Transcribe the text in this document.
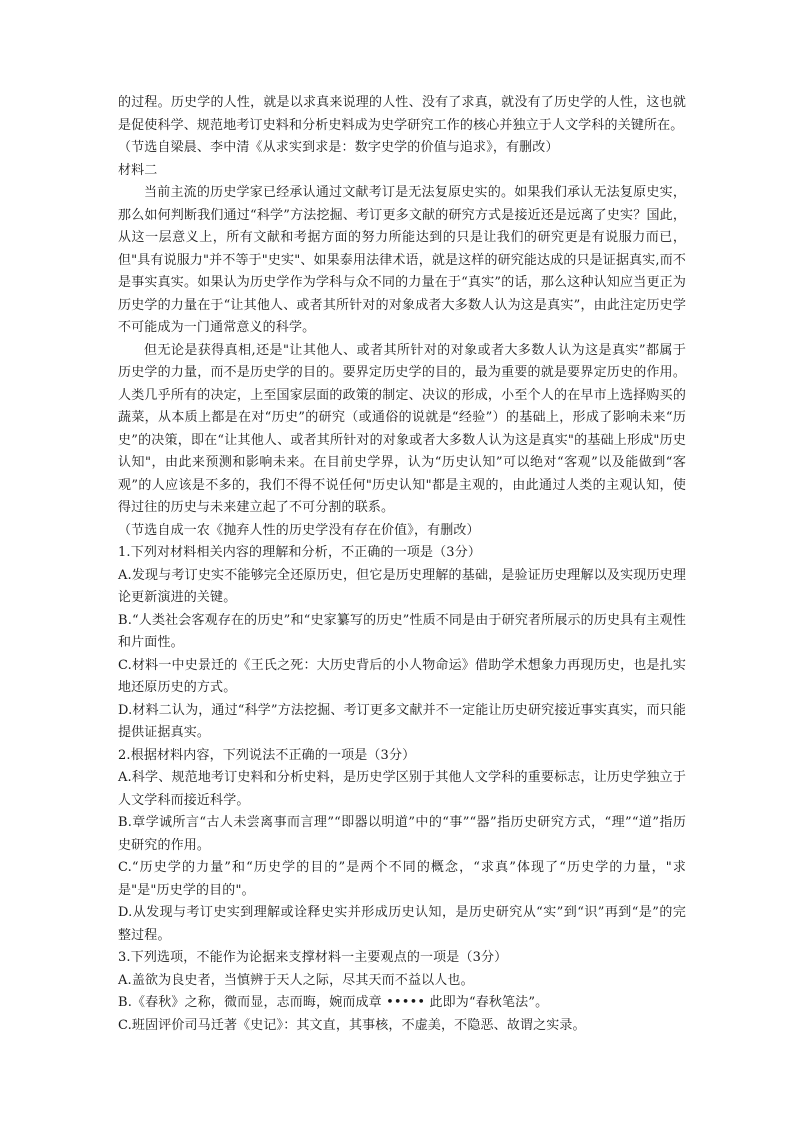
的过程。历史学的人性，就是以求真来说理的人性、没有了求真，就没有了历史学的人性，这也就是促使科学、规范地考订史料和分析史料成为史学研究工作的核心并独立于人文学科的关键所在。

（节选自梁晨、李中清《从求实到求是：数字史学的价值与追求》，有删改）

材料二

当前主流的历史学家已经承认通过文献考订是无法复原史实的。如果我们承认无法复原史实，那么如何判断我们通过“科学”方法挖掘、考订更多文献的研究方式是接近还是远离了史实？国此，从这一层意义上，所有文献和考据方面的努力所能达到的只是让我们的研究更是有说服力而已，但"具有说服力"并不等于"史实"、如果泰用法律术语，就是这样的研究能达成的只是证据真实,而不是事实真实。如果认为历史学作为学科与众不同的力量在于“真实”的话，那么这种认知应当更正为历史学的力量在于“让其他人、或者其所针对的对象成者大多数人认为这是真实”，由此注定历史学不可能成为一门通常意义的科学。

但无论是获得真相,还是"让其他人、或者其所针对的对象或者大多数人认为这是真实”都属于历史学的力量，而不是历史学的目的。要界定历史学的目的，最为重要的就是要界定历史的作用。人类几乎所有的决定，上至国家层面的政策的制定、决议的形成，小至个人的在早市上选择购买的蔬菜，从本质上都是在对“历史”的研究（或通俗的说就是“经验”）的基础上，形成了影响未来“历史”的决策，即在“让其他人、或者其所针对的对象或者大多数人认为这是真实"的基础上形成"历史认知"，由此来预测和影响未来。在目前史学界，认为“历史认知”可以绝对“客观”以及能做到“客观”的人应该是不多的，我们不得不说任何"历史认知"都是主观的，由此通过人类的主观认知，使得过往的历史与未来建立起了不可分割的联系。

（节选自成一农《抛弃人性的历史学没有存在价值》，有删改）

1.下列对材料相关内容的理解和分析，不正确的一项是（3分）

A.发现与考订史实不能够完全还原历史，但它是历史理解的基础，是验证历史理解以及实现历史理论更新演进的关键。

B.“人类社会客观存在的历史”和“史家纂写的历史”性质不同是由于研究者所展示的历史具有主观性和片面性。

C.材料一中史景迁的《王氏之死：大历史背后的小人物命运》借助学术想象力再现历史，也是扎实地还原历史的方式。

D.材料二认为，通过“科学”方法挖掘、考订更多文献并不一定能让历史研究接近事实真实，而只能提供证据真实。

2.根据材料内容，下列说法不正确的一项是（3分）

A.科学、规范地考订史料和分析史料，是历史学区别于其他人文学科的重要标志，让历史学独立于人文学科而接近科学。

B.章学诚所言“古人未尝离事而言理”“即器以明道”中的“事”“器”指历史研究方式，“理”“道”指历史研究的作用。

C.“历史学的力量”和“历史学的目的”是两个不同的概念，“求真”体现了“历史学的力量，"求是"是"历史学的目的"。

D.从发现与考订史实到理解或诠释史实并形成历史认知，是历史研究从“实”到“识”再到“是”的完整过程。

3.下列选项，不能作为论据来支撑材料一主要观点的一项是（3分）

A.盖欲为良史者，当慎辨于天人之际，尽其天而不益以人也。

B.《春秋》之称，微而显，志而晦，婉而成章 ••••• 此即为“春秋笔法”。

C.班固评价司马迁著《史记》：其文直，其事核，不虚美，不隐恶、故谓之实录。
